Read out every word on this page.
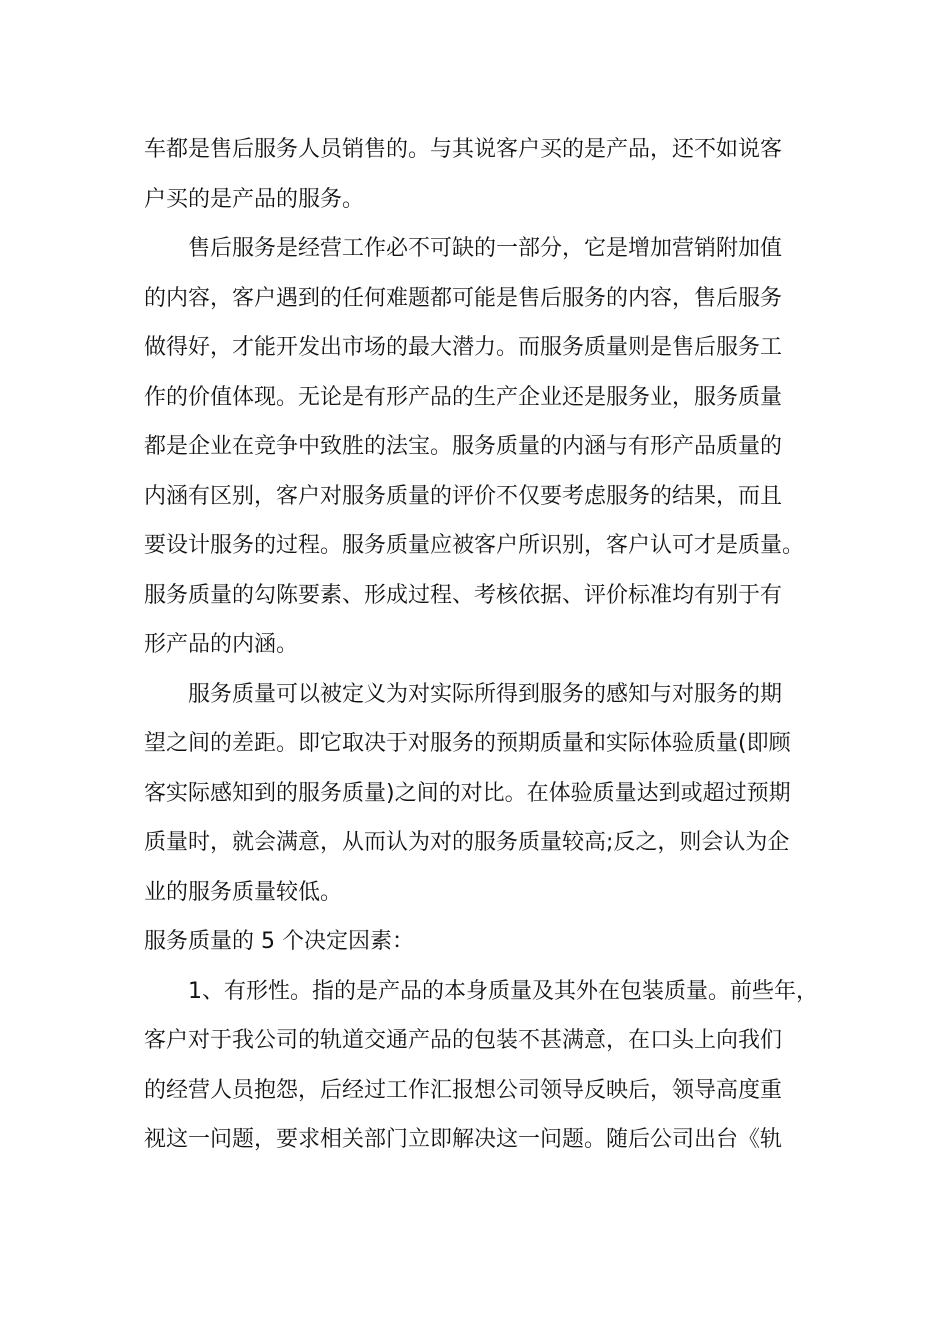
车都是售后服务人员销售的。与其说客户买的是产品，还不如说客
户买的是产品的服务。
售后服务是经营工作必不可缺的一部分，它是增加营销附加值
的内容，客户遇到的任何难题都可能是售后服务的内容，售后服务
做得好，才能开发出市场的最大潜力。而服务质量则是售后服务工
作的价值体现。无论是有形产品的生产企业还是服务业，服务质量
都是企业在竞争中致胜的法宝。服务质量的内涵与有形产品质量的
内涵有区别，客户对服务质量的评价不仅要考虑服务的结果，而且
要设计服务的过程。服务质量应被客户所识别，客户认可才是质量。
服务质量的勾陈要素、形成过程、考核依据、评价标准均有别于有
形产品的内涵。
服务质量可以被定义为对实际所得到服务的感知与对服务的期
望之间的差距。即它取决于对服务的预期质量和实际体验质量(即顾
客实际感知到的服务质量)之间的对比。在体验质量达到或超过预期
质量时，就会满意，从而认为对的服务质量较高;反之，则会认为企
业的服务质量较低。
服务质量的 5 个决定因素：
1、有形性。指的是产品的本身质量及其外在包装质量。前些年，
客户对于我公司的轨道交通产品的包装不甚满意，在口头上向我们
的经营人员抱怨，后经过工作汇报想公司领导反映后，领导高度重
视这一问题，要求相关部门立即解决这一问题。随后公司出台《轨
